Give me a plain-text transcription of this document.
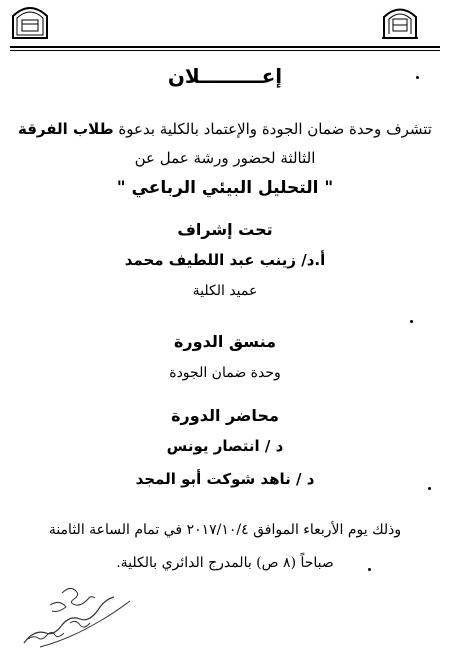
إعـــــــــلان
تتشرف وحدة ضمان الجودة والإعتماد بالكلية بدعوة طلاب الفرقة
الثالثة لحضور ورشة عمل عن
" التحليل البيئي الرباعي "
تحت إشراف
أ.د/ زينب عبد اللطيف محمد
عميد الكلية
منسق الدورة
وحدة ضمان الجودة
محاضر الدورة
د / انتصار يونس
د / ناهد شوكت أبو المجد
وذلك يوم الأربعاء الموافق ٢٠١٧/١٠/٤ في تمام الساعة الثامنة
صباحاً (٨ ص) بالمدرج الدائري بالكلية.
